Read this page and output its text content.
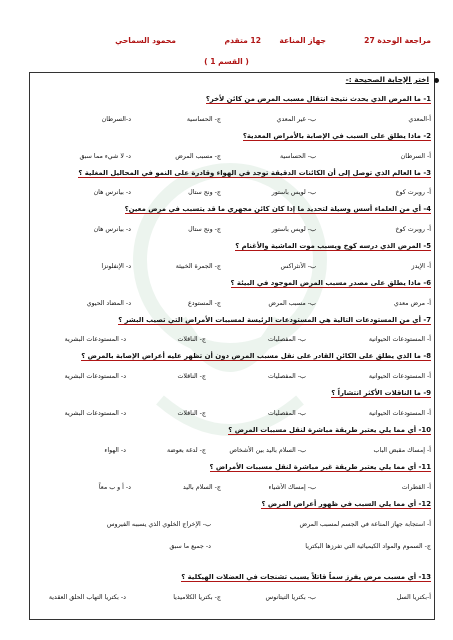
مراجعة الوحدة 27
جهاز المناعة
12 متقدم
محمود السماحي
( القسم 1 )
اختر الإجابة الصحيحة :-
1- ما المرض الذي يحدث نتيجة انتقال مسبب المرض من كائن لأخر؟
أ-المعدي
ب- غير المعدي
ج- الحساسية
د-السرطان
2- ماذا يطلق على السبب في الإصابة بالأمراض المعدية؟
أ- السرطان
ب- الحساسية
ج- مسبب المرض
د- لا شيء مما سبق
3- ما العالم الذي توصل إلى أن الكائنات الدقيقة توجد في الهواء وقادرة على النمو في المحاليل المغلية ؟
أ- روبرت كوخ
ب- لويس باستور
ج- ونج ستال
د- بيانرس هان
4- أي من العلماء أسس وسيلة لتحديد ما إذا كان كائن مجهري ما قد يتسبب في مرض معين؟
أ- روبرت كوخ
ب- لويس باستور
ج- ونج ستال
د- بيانرس هان
5- المرض الذي درسه كوخ ويسبب موت الماشية والأغنام ؟
أ- الإيدز
ب- الأنثراكس
ج- الجمرة الخبيثة
د- الإنفلونزا
6- ماذا يطلق على مصدر مسبب المرض الموجود في البيئة ؟
أ- مرض معدي
ب- مسبب المرض
ج- المستودع
د- المضاد الحيوي
7- أي من المستودعات التالية هي المستودعات الرئيسة لمسببات الأمراض التي تصيب البشر ؟
أ- المستودعات الحيوانية
ب- المفصليات
ج- الناقلات
د- المستودعات البشرية
8- ما الذي يطلق على الكائن القادر على نقل مسبب المرض دون أن تظهر عليه أعراض الإصابة بالمرض ؟
أ- المستودعات الحيوانية
ب- المفصليات
ج- الناقلات
د- المستودعات البشرية
9- ما الناقلات الأكثر انتشاراً ؟
أ- المستودعات الحيوانية
ب- المفصليات
ج- الناقلات
د- المستودعات البشرية
10- أي مما يلي يعتبر طريقة مباشرة لنقل مسببات المرض ؟
أ- إمساك مقبض الباب
ب- السلام باليد بين الأشخاص
ج- لدغة بعوضة
د- الهواء
11- أي مما يلي يعتبر طريقة غير مباشرة لنقل مسببات الأمراض ؟
أ- القطرات
ب- إمساك الأشياء
ج- السلام باليد
د- أ و ب معاً
12- أي مما يلي السبب في ظهور أعراض المرض ؟
أ- استجابة جهاز المناعة في الجسم لمسبب المرض
ب- الإخراج الخلوي الذي يسببه الفيروس
ج- السموم والمواد الكيميائية التي تفرزها البكتريا
د- جميع ما سبق
13- أي مسبب مرض يفرز سماً قاتلاً يسبب تشنجات في العضلات الهيكلية ؟
أ-بكتريا السل
ب- بكتريا التيتانوس
ج- بكتريا الكلاميديا
د- بكتريا التهاب الحلق العقدية
